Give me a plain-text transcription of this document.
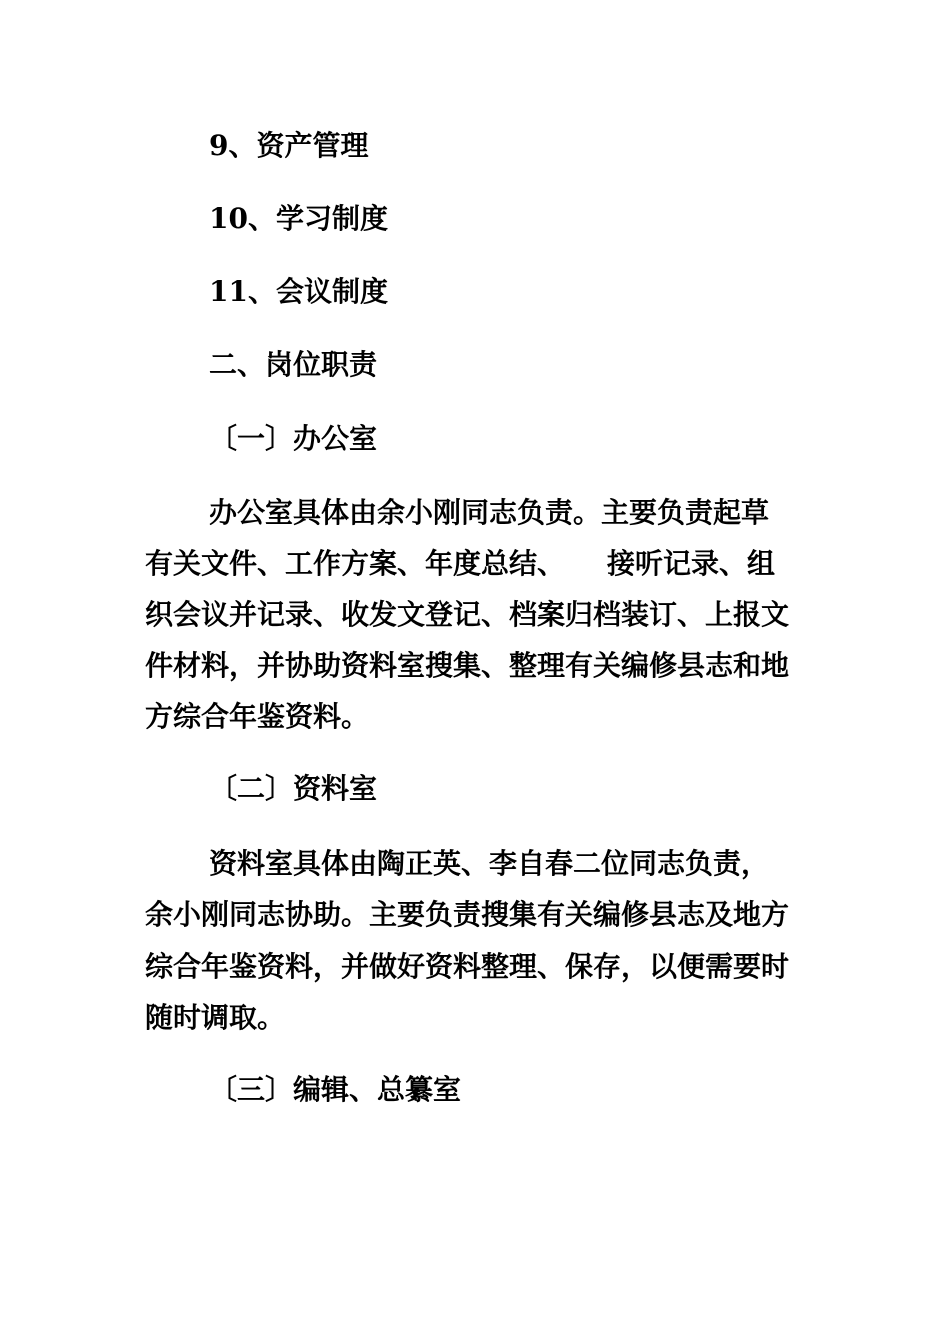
9、资产管理
10、学习制度
11、会议制度
二、岗位职责
〔一〕办公室
办公室具体由余小刚同志负责。主要负责起草
有关文件、工作方案、年度总结、　　接听记录、组
织会议并记录、收发文登记、档案归档装订、上报文
件材料，并协助资料室搜集、整理有关编修县志和地
方综合年鉴资料。
〔二〕资料室
资料室具体由陶正英、李自春二位同志负责，
余小刚同志协助。主要负责搜集有关编修县志及地方
综合年鉴资料，并做好资料整理、保存，以便需要时
随时调取。
〔三〕编辑、总纂室
